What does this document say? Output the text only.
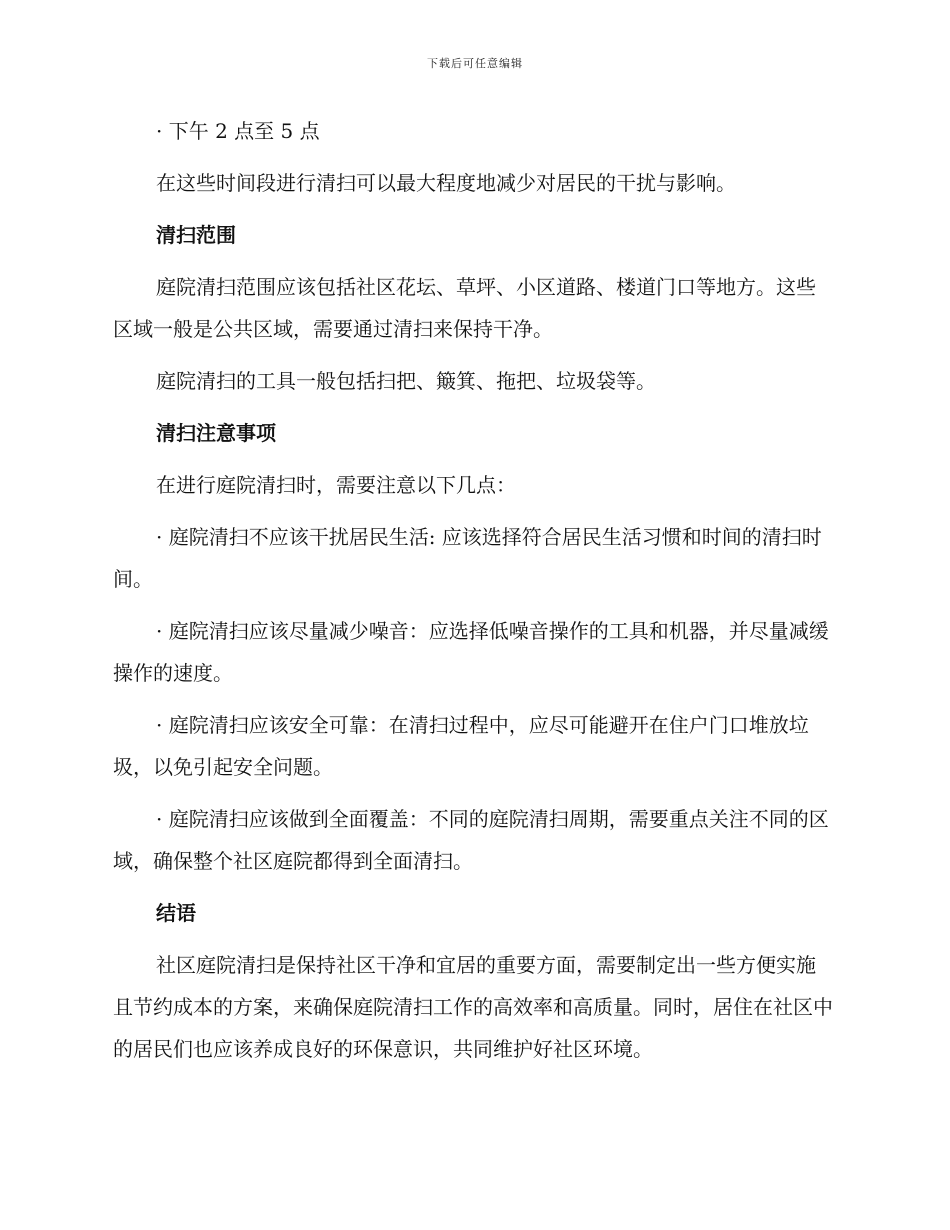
下载后可任意编辑

· 下午 2 点至 5 点

在这些时间段进行清扫可以最大程度地减少对居民的干扰与影响。

清扫范围

庭院清扫范围应该包括社区花坛、草坪、小区道路、楼道门口等地方。这些区域一般是公共区域，需要通过清扫来保持干净。

庭院清扫的工具一般包括扫把、簸箕、拖把、垃圾袋等。

清扫注意事项

在进行庭院清扫时，需要注意以下几点：

· 庭院清扫不应该干扰居民生活: 应该选择符合居民生活习惯和时间的清扫时间。

· 庭院清扫应该尽量减少噪音：应选择低噪音操作的工具和机器，并尽量减缓操作的速度。

· 庭院清扫应该安全可靠：在清扫过程中，应尽可能避开在住户门口堆放垃圾，以免引起安全问题。

· 庭院清扫应该做到全面覆盖：不同的庭院清扫周期，需要重点关注不同的区域，确保整个社区庭院都得到全面清扫。

结语

社区庭院清扫是保持社区干净和宜居的重要方面，需要制定出一些方便实施且节约成本的方案，来确保庭院清扫工作的高效率和高质量。同时，居住在社区中的居民们也应该养成良好的环保意识，共同维护好社区环境。
